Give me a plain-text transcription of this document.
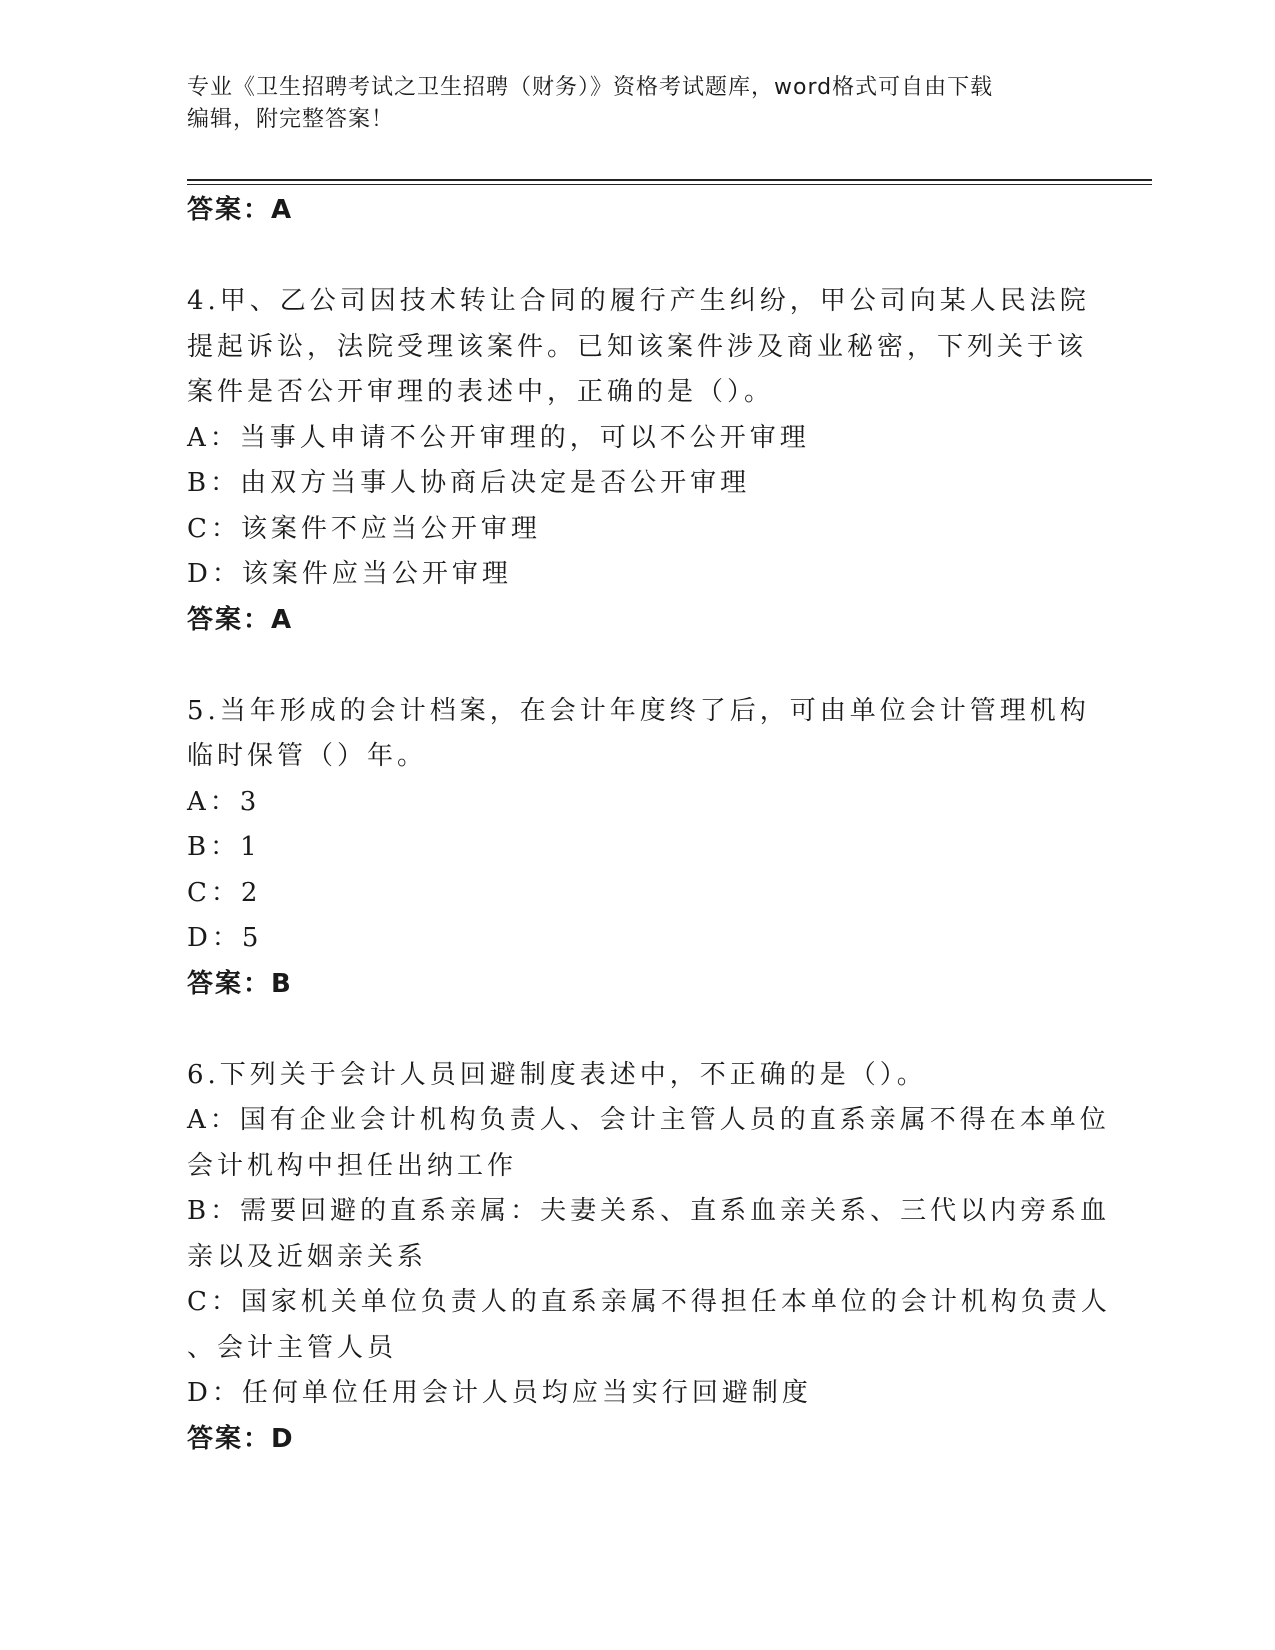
专业《卫生招聘考试之卫生招聘（财务）》资格考试题库，word格式可自由下载
编辑，附完整答案！
答案：A
4.甲、乙公司因技术转让合同的履行产生纠纷，甲公司向某人民法院
提起诉讼，法院受理该案件。已知该案件涉及商业秘密，下列关于该
案件是否公开审理的表述中，正确的是（）。
A：当事人申请不公开审理的，可以不公开审理
B：由双方当事人协商后决定是否公开审理
C：该案件不应当公开审理
D：该案件应当公开审理
答案：A
5.当年形成的会计档案，在会计年度终了后，可由单位会计管理机构
临时保管（）年。
A：3
B：1
C：2
D：5
答案：B
6.下列关于会计人员回避制度表述中，不正确的是（）。
A：国有企业会计机构负责人、会计主管人员的直系亲属不得在本单位
会计机构中担任出纳工作
B：需要回避的直系亲属：夫妻关系、直系血亲关系、三代以内旁系血
亲以及近姻亲关系
C：国家机关单位负责人的直系亲属不得担任本单位的会计机构负责人
、会计主管人员
D：任何单位任用会计人员均应当实行回避制度
答案：D
